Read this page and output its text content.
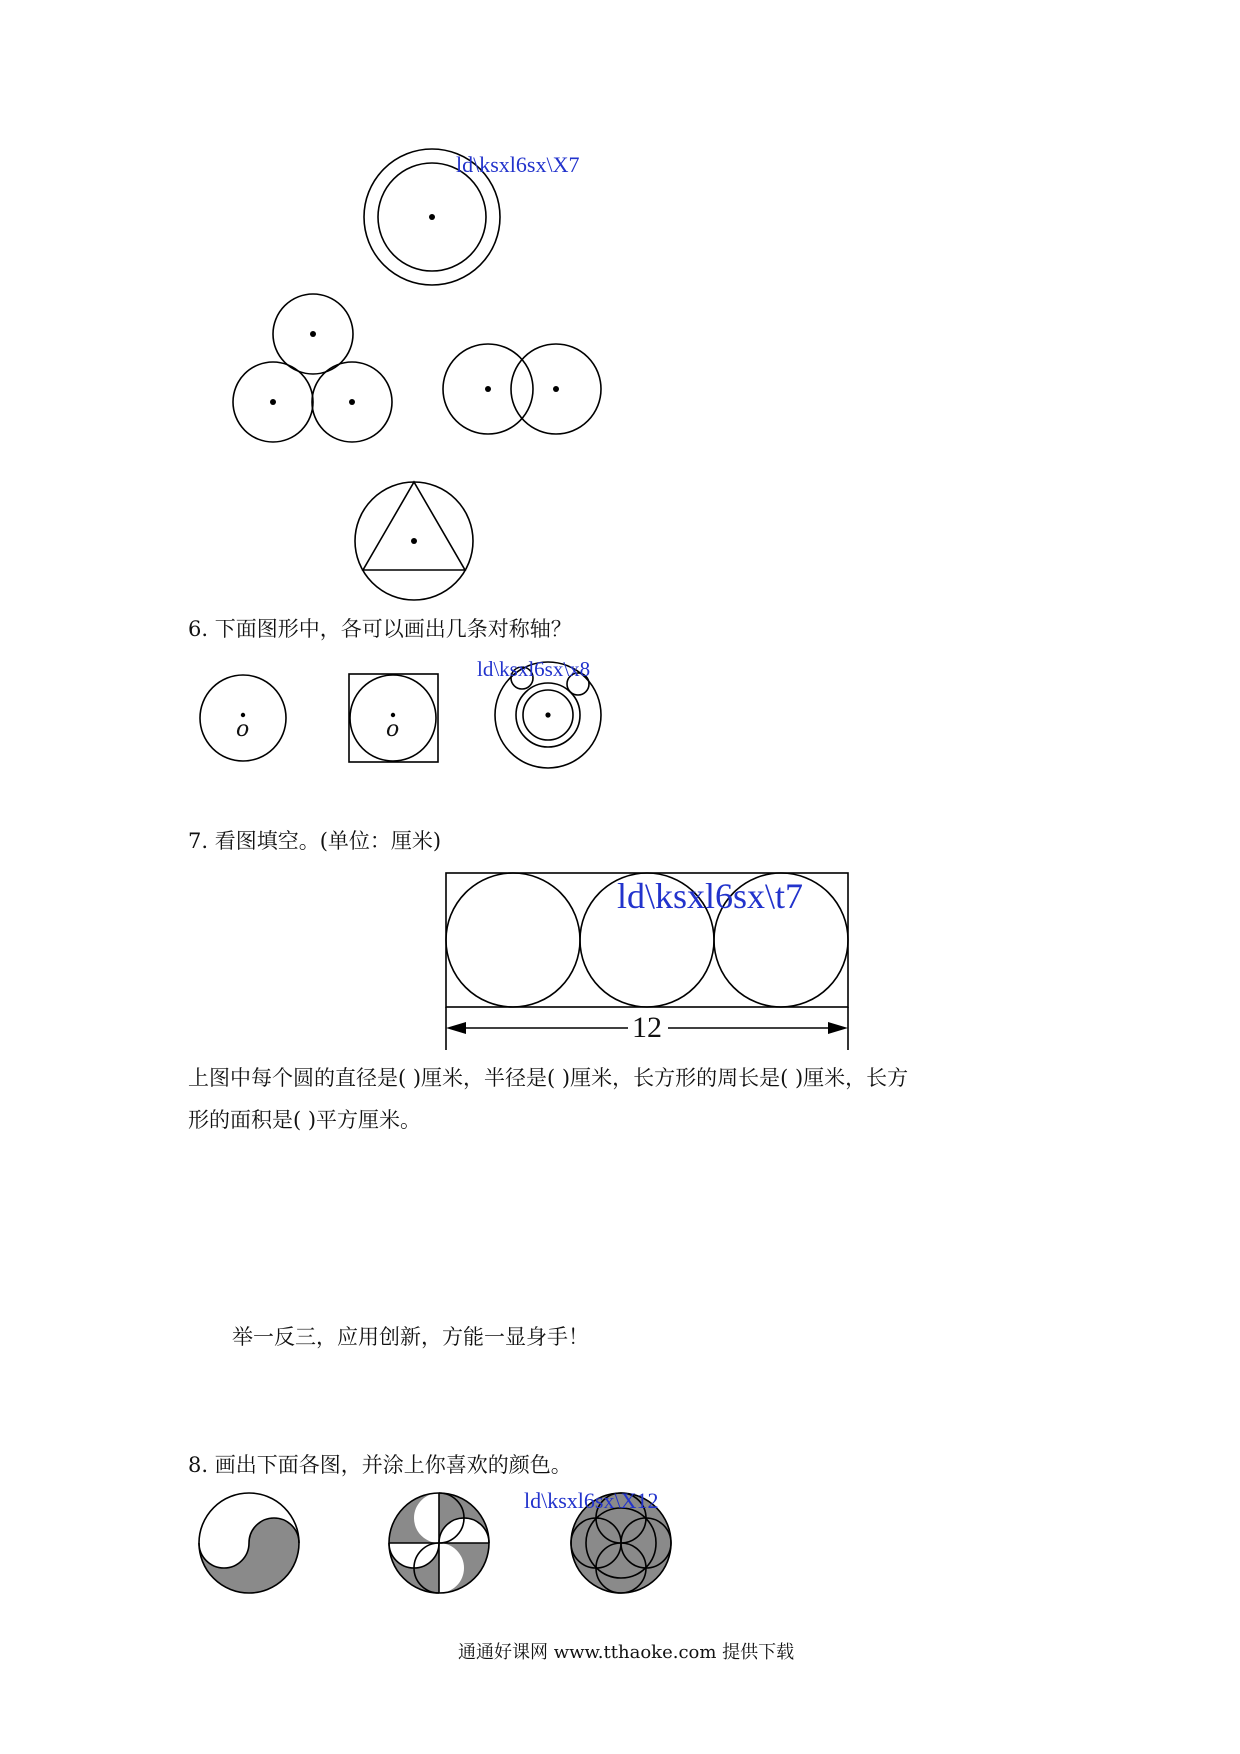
ld\ksxl6sx\X7
6. 下面图形中，各可以画出几条对称轴？
o	o
ld\ksxl6sx\x8
7. 看图填空。(单位：厘米)
12
ld\ksxl6sx\t7
上图中每个圆的直径是( )厘米，半径是( )厘米，长方形的周长是( )厘米，长方
形的面积是( )平方厘米。
举一反三，应用创新，方能一显身手！
8. 画出下面各图，并涂上你喜欢的颜色。
ld\ksxl6sx\X12
通通好课网 www.tthaoke.com 提供下载
